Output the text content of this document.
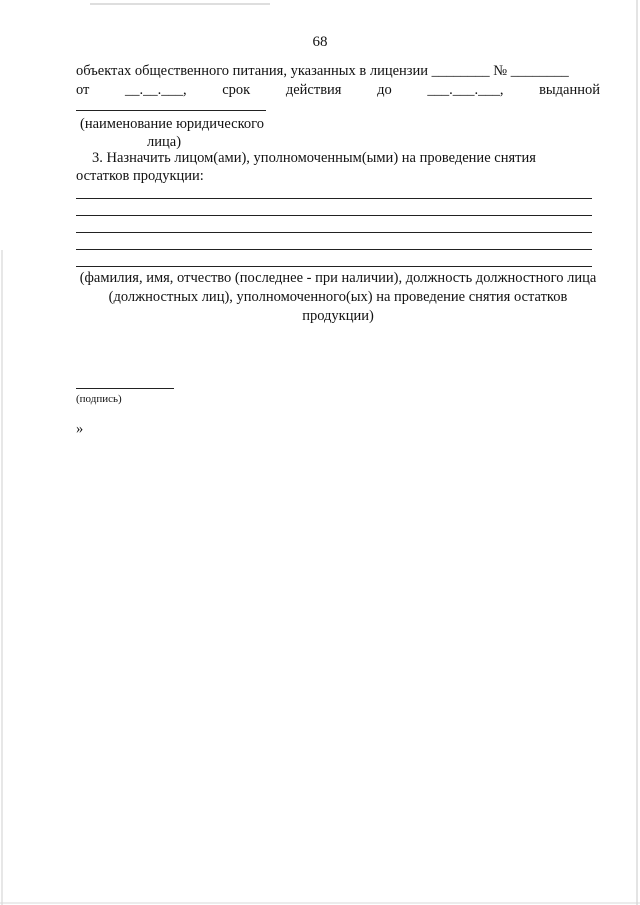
68
объектах общественного питания, указанных в лицензии ________ № ________
от __.__.___, срок действия до ___.___.___, выданной
(наименование юридического
лица)
3. Назначить лицом(ами), уполномоченным(ыми) на проведение снятия
остатков продукции:
(фамилия, имя, отчество (последнее - при наличии), должность должностного лица (должностных лиц), уполномоченного(ых) на проведение снятия остатков продукции)
(подпись)
»
